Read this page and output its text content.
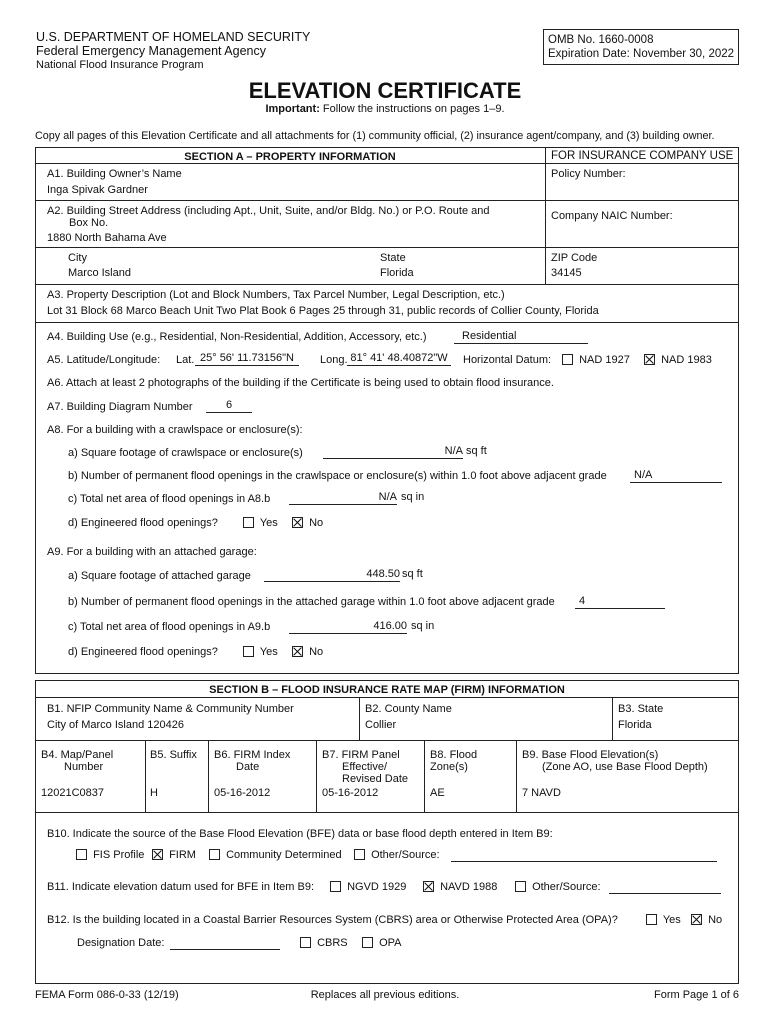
U.S. DEPARTMENT OF HOMELAND SECURITY
Federal Emergency Management Agency
National Flood Insurance Program
OMB No. 1660-0008
Expiration Date: November 30, 2022
ELEVATION CERTIFICATE
Important: Follow the instructions on pages 1–9.
Copy all pages of this Elevation Certificate and all attachments for (1) community official, (2) insurance agent/company, and (3) building owner.
SECTION A – PROPERTY INFORMATION	FOR INSURANCE COMPANY USE
A1. Building Owner’s Name
Inga Spivak Gardner
Policy Number:
A2. Building Street Address (including Apt., Unit, Suite, and/or Bldg. No.) or P.O. Route and
Box No.
1880 North Bahama Ave
Company NAIC Number:
City
Marco Island
State
Florida
ZIP Code
34145
A3. Property Description (Lot and Block Numbers, Tax Parcel Number, Legal Description, etc.)
Lot 31 Block 68 Marco Beach Unit Two Plat Book 6 Pages 25 through 31, public records of Collier County, Florida
A4. Building Use (e.g., Residential, Non-Residential, Addition, Accessory, etc.)	Residential
A5. Latitude/Longitude: Lat. 25° 56' 11.73156"N	Long. 81° 41' 48.40872"W	Horizontal Datum:	NAD 1927	NAD 1983
A6. Attach at least 2 photographs of the building if the Certificate is being used to obtain flood insurance.
A7. Building Diagram Number	6
A8. For a building with a crawlspace or enclosure(s):
a) Square footage of crawlspace or enclosure(s)	N/A sq ft
b) Number of permanent flood openings in the crawlspace or enclosure(s) within 1.0 foot above adjacent grade	N/A
c) Total net area of flood openings in A8.b	N/A sq in
d) Engineered flood openings?	Yes	No
A9. For a building with an attached garage:
a) Square footage of attached garage	448.50 sq ft
b) Number of permanent flood openings in the attached garage within 1.0 foot above adjacent grade	4
c) Total net area of flood openings in A9.b	416.00 sq in
d) Engineered flood openings?	Yes	No
SECTION B – FLOOD INSURANCE RATE MAP (FIRM) INFORMATION
B1. NFIP Community Name & Community Number
City of Marco Island 120426
B2. County Name
Collier
B3. State
Florida
B4. Map/Panel
Number
12021C0837
B5. Suffix
H
B6. FIRM Index
Date
05-16-2012
B7. FIRM Panel
Effective/
Revised Date
05-16-2012
B8. Flood
Zone(s)
AE
B9. Base Flood Elevation(s)
(Zone AO, use Base Flood Depth)
7 NAVD
B10. Indicate the source of the Base Flood Elevation (BFE) data or base flood depth entered in Item B9:
FIS Profile	FIRM	Community Determined	Other/Source:
B11. Indicate elevation datum used for BFE in Item B9:	NGVD 1929	NAVD 1988	Other/Source:
B12. Is the building located in a Coastal Barrier Resources System (CBRS) area or Otherwise Protected Area (OPA)?	Yes	No
Designation Date:	CBRS	OPA
FEMA Form 086-0-33 (12/19)	Replaces all previous editions.	Form Page 1 of 6
